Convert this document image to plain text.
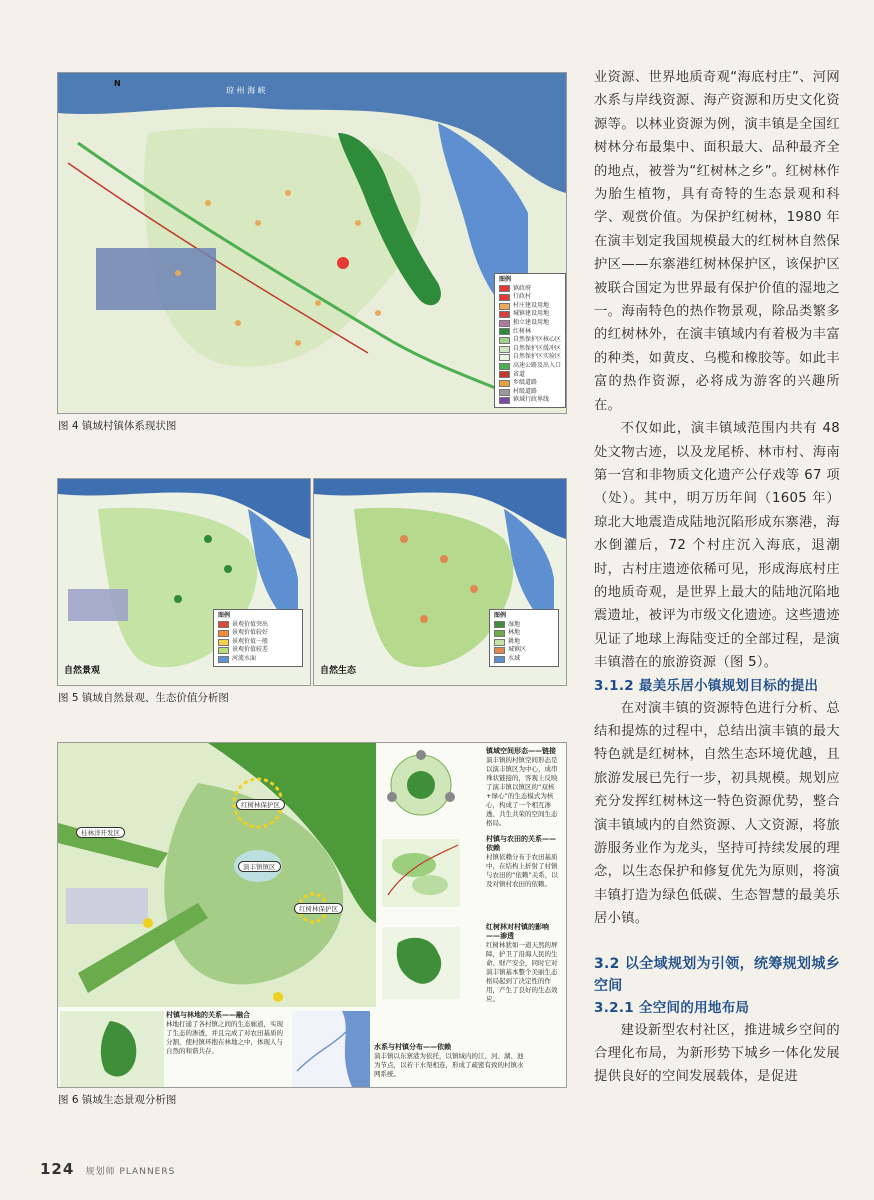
琼 州 海 峡
N
图例
镇政府
行政村
村庄建设用地
城镇建设用地
独立建设用地
红树林
自然保护区核心区
自然保护区缓冲区
自然保护区实验区
高速公路及出入口
省道
乡级道路
村级道路
镇域行政界线
图 4 镇域村镇体系现状图
图例
景观价值突出
景观价值较好
景观价值一般
景观价值较差
河流水面
自然景观
图例
湿地
林地
耕地
城镇区
水域
自然生态
图 5 镇域自然景观、生态价值分析图
红树林保护区
演丰镇镇区
红树林保护区
桂林洋开发区
镇域空间形态——链接
演丰镇的村镇空间形态是以演丰镇区为中心，成串珠状链接的，客观上反映了演丰镇以镇区的“双核+绿心”的生态模式为核心，构成了一个相互渗透、共生共荣的空间生态格局。
村镇与农田的关系——依赖
村镇依赖分布于农田基质中，在结构上折射了村镇与农田的“依赖”关系，以及对镇村农田的依赖。
红树林对村镇的影响——渗透
红树林犹如一道天然的屏障，护卫了沿海人民的生命、财产安全，同时它对演丰镇基本整个美丽生态格局起到了决定性的作用，产生了良好的生态效应。
村镇与林地的关系——融合
林地打通了各村镇之间的生态廊道，实现了生态的渗透，并且完成了对农田基质的分割，使村镇环抱在林地之中，体现人与自然的和谐共存。	水系与村镇分布——依赖
演丰镇以东寨港为依托，以镇域内的江、河、湖、池为节点，以若干水渠相连，形成了疏密有致的村镇水网系统。
图 6 镇域生态景观分析图

业资源、世界地质奇观“海底村庄”、河网水系与岸线资源、海产资源和历史文化资源等。以林业资源为例，演丰镇是全国红树林分布最集中、面积最大、品种最齐全的地点，被誉为“红树林之乡”。红树林作为胎生植物，具有奇特的生态景观和科学、观赏价值。为保护红树林，1980 年在演丰划定我国规模最大的红树林自然保护区——东寨港红树林保护区，该保护区被联合国定为世界最有保护价值的湿地之一。海南特色的热作物景观，除品类繁多的红树林外，在演丰镇域内有着极为丰富的种类，如黄皮、乌榄和橡胶等。如此丰富的热作资源，必将成为游客的兴趣所在。

不仅如此，演丰镇域范围内共有 48 处文物古迹，以及龙尾桥、林市村、海南第一宫和非物质文化遗产公仔戏等 67 项（处）。其中，明万历年间（1605 年）琼北大地震造成陆地沉陷形成东寨港，海水倒灌后，72 个村庄沉入海底，退潮时，古村庄遗迹依稀可见，形成海底村庄的地质奇观，是世界上最大的陆地沉陷地震遗址，被评为市级文化遗迹。这些遗迹见证了地球上海陆变迁的全部过程，是演丰镇潜在的旅游资源（图 5）。

3.1.2 最美乐居小镇规划目标的提出

在对演丰镇的资源特色进行分析、总结和提炼的过程中，总结出演丰镇的最大特色就是红树林，自然生态环境优越，且旅游发展已先行一步，初具规模。规划应充分发挥红树林这一特色资源优势，整合演丰镇域内的自然资源、人文资源，将旅游服务业作为龙头，坚持可持续发展的理念，以生态保护和修复优先为原则，将演丰镇打造为绿色低碳、生态智慧的最美乐居小镇。

3.2 以全域规划为引领，统筹规划城乡空间
3.2.1 全空间的用地布局

建设新型农村社区，推进城乡空间的合理化布局，为新形势下城乡一体化发展提供良好的空间发展载体，是促进

124 规划师 PLANNERS
